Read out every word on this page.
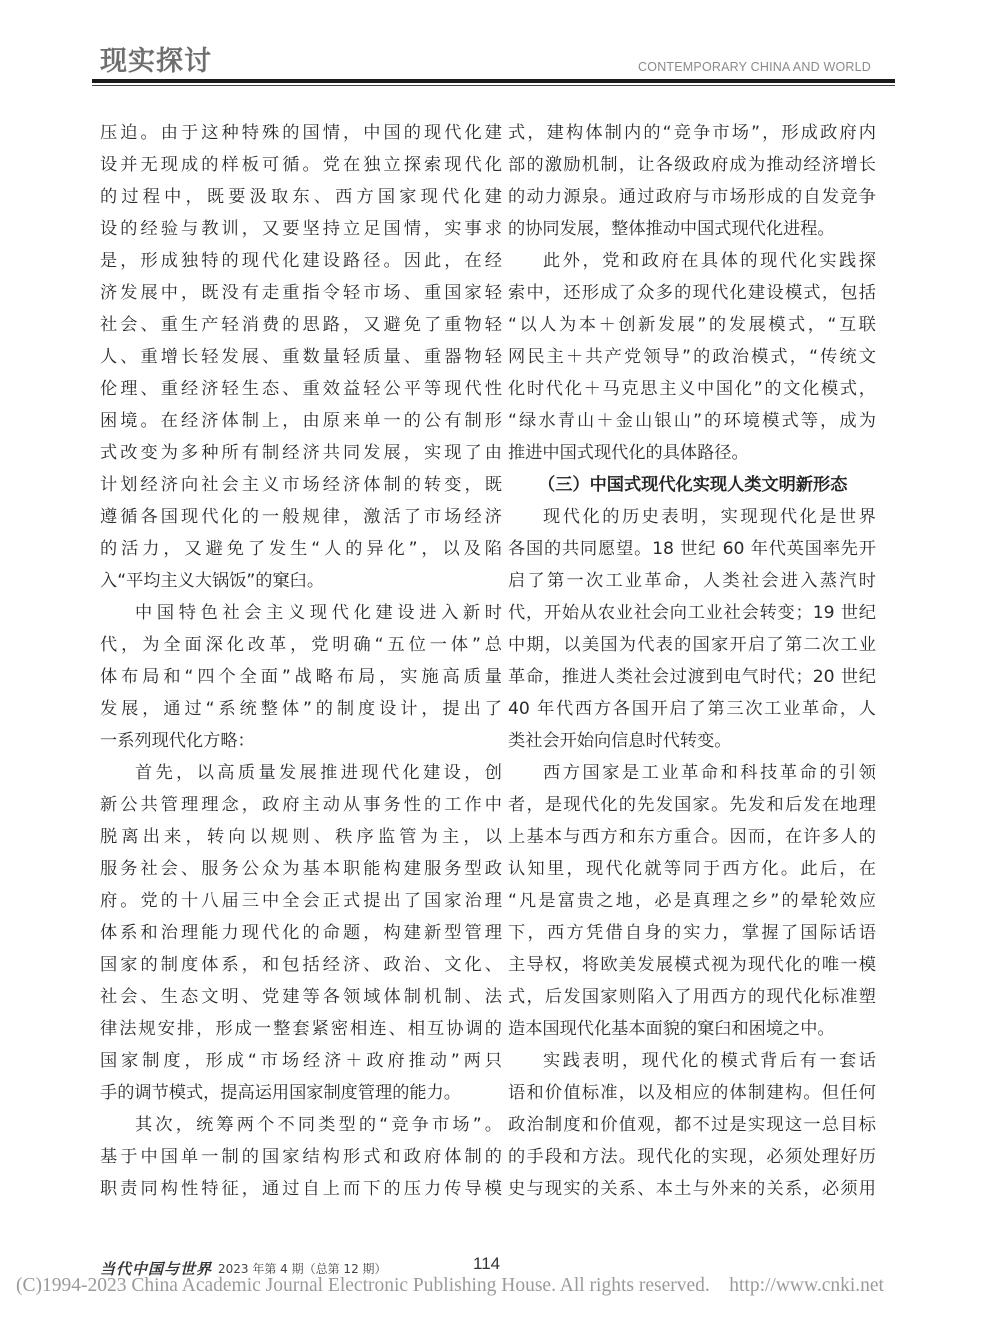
现实探讨	CONTEMPORARY CHINA AND WORLD
压迫。由于这种特殊的国情，中国的现代化建
设并无现成的样板可循。党在独立探索现代化
的过程中，既要汲取东、西方国家现代化建
设的经验与教训，又要坚持立足国情，实事求
是，形成独特的现代化建设路径。因此，在经
济发展中，既没有走重指令轻市场、重国家轻
社会、重生产轻消费的思路，又避免了重物轻
人、重增长轻发展、重数量轻质量、重器物轻
伦理、重经济轻生态、重效益轻公平等现代性
困境。在经济体制上，由原来单一的公有制形
式改变为多种所有制经济共同发展，实现了由
计划经济向社会主义市场经济体制的转变，既
遵循各国现代化的一般规律，激活了市场经济
的活力，又避免了发生“人的异化”，以及陷
入“平均主义大锅饭”的窠臼。
中国特色社会主义现代化建设进入新时
代，为全面深化改革，党明确“五位一体”总
体布局和“四个全面”战略布局，实施高质量
发展，通过“系统整体”的制度设计，提出了
一系列现代化方略：
首先，以高质量发展推进现代化建设，创
新公共管理理念，政府主动从事务性的工作中
脱离出来，转向以规则、秩序监管为主，以
服务社会、服务公众为基本职能构建服务型政
府。党的十八届三中全会正式提出了国家治理
体系和治理能力现代化的命题，构建新型管理
国家的制度体系，和包括经济、政治、文化、
社会、生态文明、党建等各领域体制机制、法
律法规安排，形成一整套紧密相连、相互协调的
国家制度，形成“市场经济＋政府推动”两只
手的调节模式，提高运用国家制度管理的能力。
其次，统筹两个不同类型的“竞争市场”。
基于中国单一制的国家结构形式和政府体制的
职责同构性特征，通过自上而下的压力传导模
式，建构体制内的“竞争市场”，形成政府内
部的激励机制，让各级政府成为推动经济增长
的动力源泉。通过政府与市场形成的自发竞争
的协同发展，整体推动中国式现代化进程。
此外，党和政府在具体的现代化实践探
索中，还形成了众多的现代化建设模式，包括
“以人为本＋创新发展”的发展模式，“互联
网民主＋共产党领导”的政治模式，“传统文
化时代化＋马克思主义中国化”的文化模式，
“绿水青山＋金山银山”的环境模式等，成为
推进中国式现代化的具体路径。
（三）中国式现代化实现人类文明新形态
现代化的历史表明，实现现代化是世界
各国的共同愿望。18 世纪 60 年代英国率先开
启了第一次工业革命，人类社会进入蒸汽时
代，开始从农业社会向工业社会转变；19 世纪
中期，以美国为代表的国家开启了第二次工业
革命，推进人类社会过渡到电气时代；20 世纪
40 年代西方各国开启了第三次工业革命，人
类社会开始向信息时代转变。
西方国家是工业革命和科技革命的引领
者，是现代化的先发国家。先发和后发在地理
上基本与西方和东方重合。因而，在许多人的
认知里，现代化就等同于西方化。此后，在
“凡是富贵之地，必是真理之乡”的晕轮效应
下，西方凭借自身的实力，掌握了国际话语
主导权，将欧美发展模式视为现代化的唯一模
式，后发国家则陷入了用西方的现代化标准塑
造本国现代化基本面貌的窠臼和困境之中。
实践表明，现代化的模式背后有一套话
语和价值标准，以及相应的体制建构。但任何
政治制度和价值观，都不过是实现这一总目标
的手段和方法。现代化的实现，必须处理好历
史与现实的关系、本土与外来的关系，必须用
当代中国与世界 2023 年第 4 期（总第 12 期）	114
(C)1994-2023 China Academic Journal Electronic Publishing House. All rights reserved.    http://www.cnki.net
